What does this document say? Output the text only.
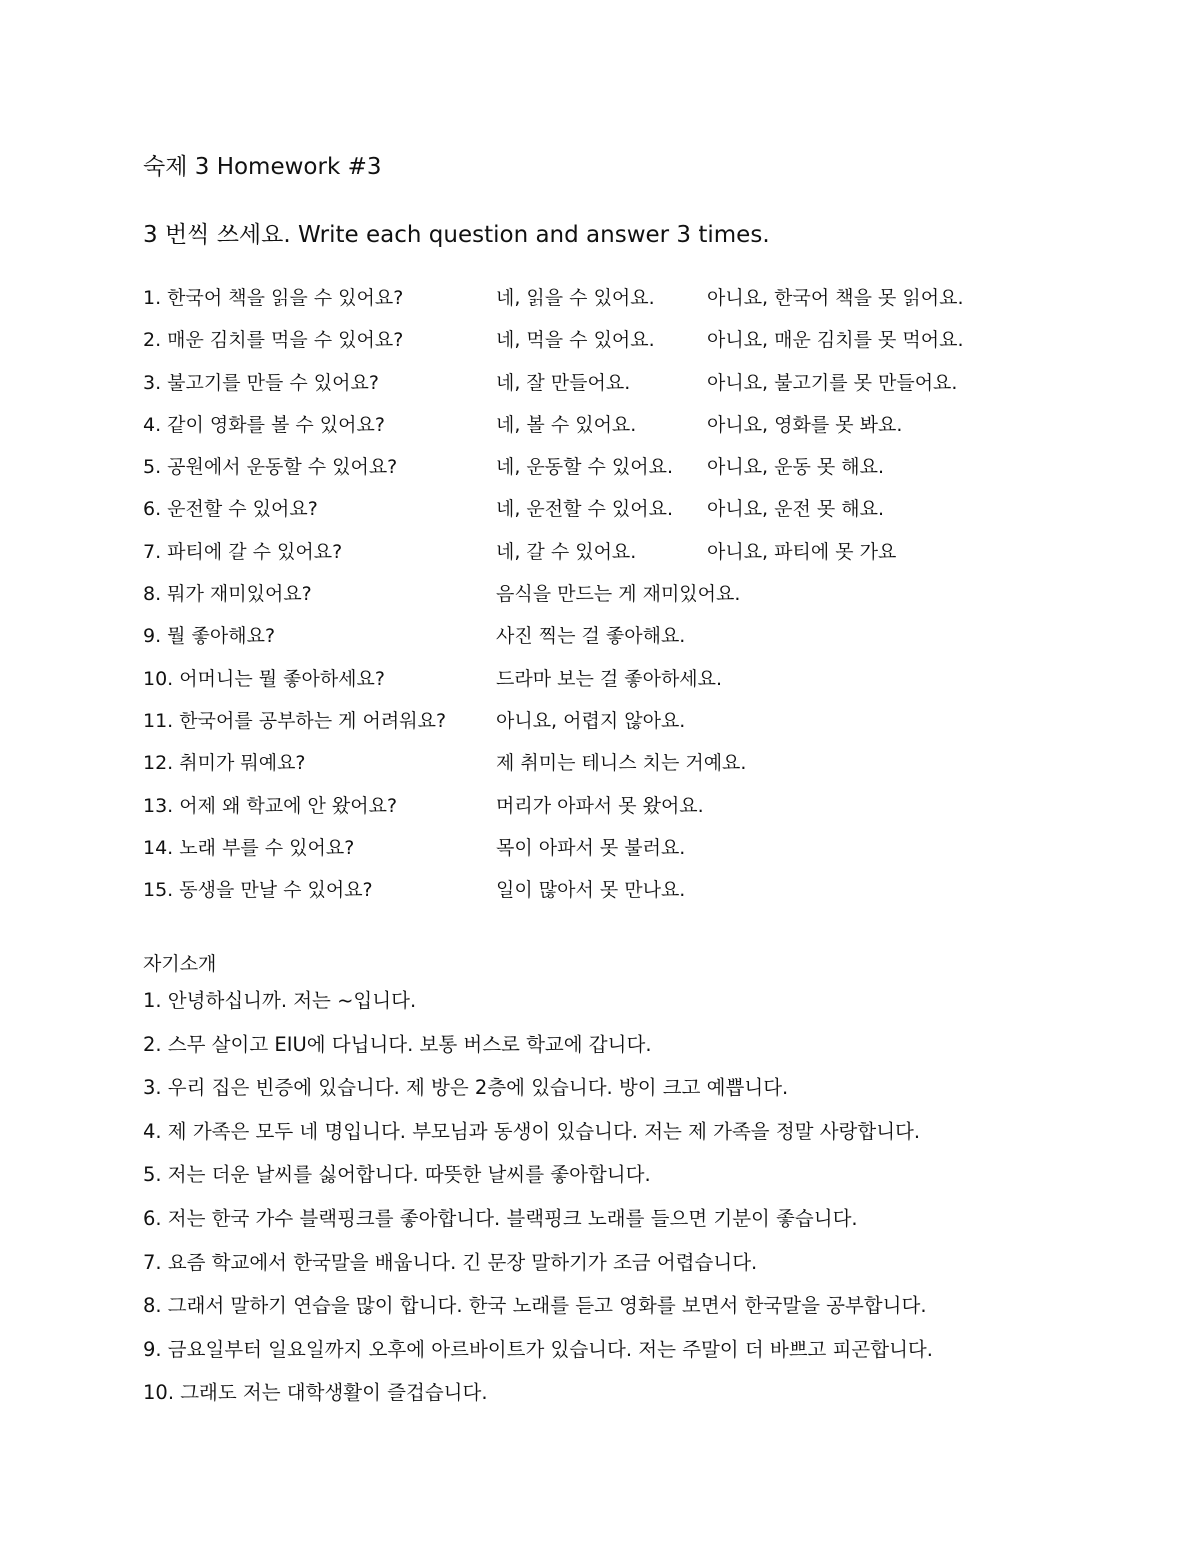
숙제 3 Homework #3
3 번씩 쓰세요. Write each question and answer 3 times.
1. 한국어 책을 읽을 수 있어요?	네, 읽을 수 있어요.	아니요, 한국어 책을 못 읽어요.
2. 매운 김치를 먹을 수 있어요?	네, 먹을 수 있어요.	아니요, 매운 김치를 못 먹어요.
3. 불고기를 만들 수 있어요?	네, 잘 만들어요.	아니요, 불고기를 못 만들어요.
4. 같이 영화를 볼 수 있어요?	네, 볼 수 있어요.	아니요, 영화를 못 봐요.
5. 공원에서 운동할 수 있어요?	네, 운동할 수 있어요. 아니요, 운동 못 해요.
6. 운전할 수 있어요?	네, 운전할 수 있어요. 아니요, 운전 못 해요.
7. 파티에 갈 수 있어요?	네, 갈 수 있어요.	아니요, 파티에 못 가요
8. 뭐가 재미있어요?	음식을 만드는 게 재미있어요.
9. 뭘 좋아해요?	사진 찍는 걸 좋아해요.
10. 어머니는 뭘 좋아하세요?	드라마 보는 걸 좋아하세요.
11. 한국어를 공부하는 게 어려워요?	아니요, 어렵지 않아요.
12. 취미가 뭐예요?	제 취미는 테니스 치는 거예요.
13. 어제 왜 학교에 안 왔어요?	머리가 아파서 못 왔어요.
14. 노래 부를 수 있어요?	목이 아파서 못 불러요.
15. 동생을 만날 수 있어요?	일이 많아서 못 만나요.
자기소개
1. 안녕하십니까. 저는 ~입니다.
2. 스무 살이고 EIU에 다닙니다. 보통 버스로 학교에 갑니다.
3. 우리 집은 빈증에 있습니다. 제 방은 2층에 있습니다. 방이 크고 예쁩니다.
4. 제 가족은 모두 네 명입니다. 부모님과 동생이 있습니다. 저는 제 가족을 정말 사랑합니다.
5. 저는 더운 날씨를 싫어합니다. 따뜻한 날씨를 좋아합니다.
6. 저는 한국 가수 블랙핑크를 좋아합니다. 블랙핑크 노래를 들으면 기분이 좋습니다.
7. 요즘 학교에서 한국말을 배웁니다. 긴 문장 말하기가 조금 어렵습니다.
8. 그래서 말하기 연습을 많이 합니다. 한국 노래를 듣고 영화를 보면서 한국말을 공부합니다.
9. 금요일부터 일요일까지 오후에 아르바이트가 있습니다. 저는 주말이 더 바쁘고 피곤합니다.
10. 그래도 저는 대학생활이 즐겁습니다.
